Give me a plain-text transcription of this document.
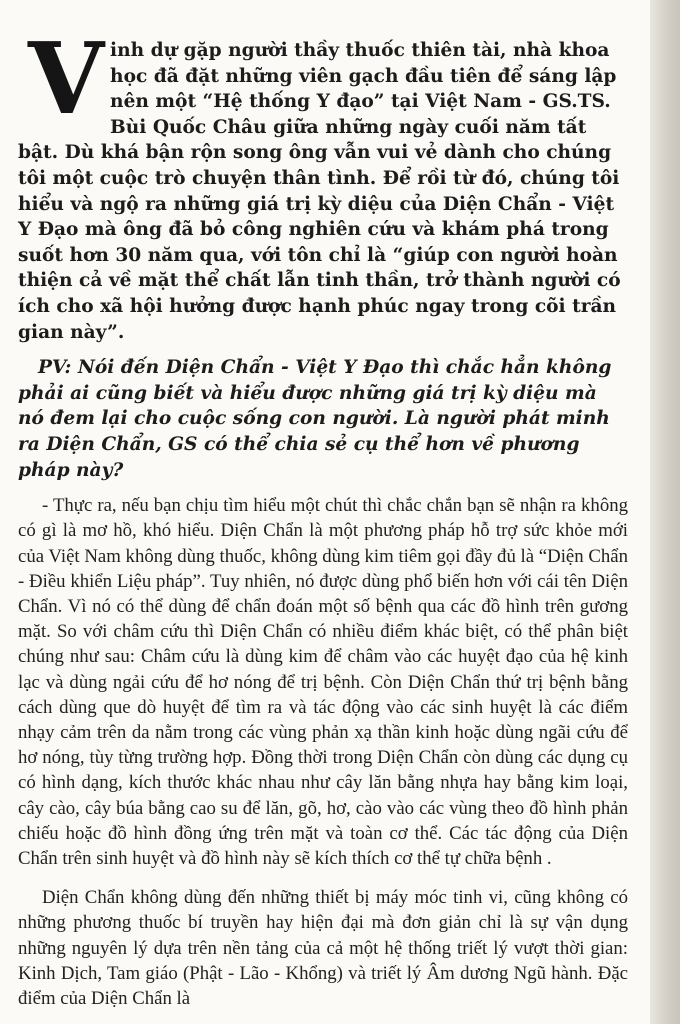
Vinh dự gặp người thầy thuốc thiên tài, nhà khoa học đã đặt những viên gạch đầu tiên để sáng lập nên một “Hệ thống Y đạo” tại Việt Nam - GS.TS. Bùi Quốc Châu giữa những ngày cuối năm tất bật. Dù khá bận rộn song ông vẫn vui vẻ dành cho chúng tôi một cuộc trò chuyện thân tình. Để rồi từ đó, chúng tôi hiểu và ngộ ra những giá trị kỳ diệu của Diện Chẩn - Việt Y Đạo mà ông đã bỏ công nghiên cứu và khám phá trong suốt hơn 30 năm qua, với tôn chỉ là “giúp con người hoàn thiện cả về mặt thể chất lẫn tinh thần, trở thành người có ích cho xã hội hưởng được hạnh phúc ngay trong cõi trần gian này”.

PV: Nói đến Diện Chẩn - Việt Y Đạo thì chắc hẳn không phải ai cũng biết và hiểu được những giá trị kỳ diệu mà nó đem lại cho cuộc sống con người. Là người phát minh ra Diện Chẩn, GS có thể chia sẻ cụ thể hơn về phương pháp này?

- Thực ra, nếu bạn chịu tìm hiểu một chút thì chắc chắn bạn sẽ nhận ra không có gì là mơ hồ, khó hiểu. Diện Chẩn là một phương pháp hỗ trợ sức khỏe mới của Việt Nam không dùng thuốc, không dùng kim tiêm gọi đầy đủ là “Diện Chẩn - Điều khiển Liệu pháp”. Tuy nhiên, nó được dùng phổ biến hơn với cái tên Diện Chẩn. Vì nó có thể dùng để chẩn đoán một số bệnh qua các đồ hình trên gương mặt. So với châm cứu thì Diện Chẩn có nhiều điểm khác biệt, có thể phân biệt chúng như sau: Châm cứu là dùng kim để châm vào các huyệt đạo của hệ kinh lạc và dùng ngải cứu để hơ nóng để trị bệnh. Còn Diện Chẩn thứ trị bệnh bằng cách dùng que dò huyệt để tìm ra và tác động vào các sinh huyệt là các điểm nhạy cảm trên da nằm trong các vùng phản xạ thần kinh hoặc dùng ngãi cứu để hơ nóng, tùy từng trường hợp. Đồng thời trong Diện Chẩn còn dùng các dụng cụ có hình dạng, kích thước khác nhau như cây lăn bằng nhựa hay bằng kim loại, cây cào, cây búa bằng cao su để lăn, gõ, hơ, cào vào các vùng theo đồ hình phản chiếu hoặc đồ hình đồng ứng trên mặt và toàn cơ thể. Các tác động của Diện Chẩn trên sinh huyệt và đồ hình này sẽ kích thích cơ thể tự chữa bệnh .

Diện Chẩn không dùng đến những thiết bị máy móc tinh vi, cũng không có những phương thuốc bí truyền hay hiện đại mà đơn giản chỉ là sự vận dụng những nguyên lý dựa trên nền tảng của cả một hệ thống triết lý vượt thời gian: Kinh Dịch, Tam giáo (Phật - Lão - Khổng) và triết lý Âm dương Ngũ hành. Đặc điểm của Diện Chẩn là
